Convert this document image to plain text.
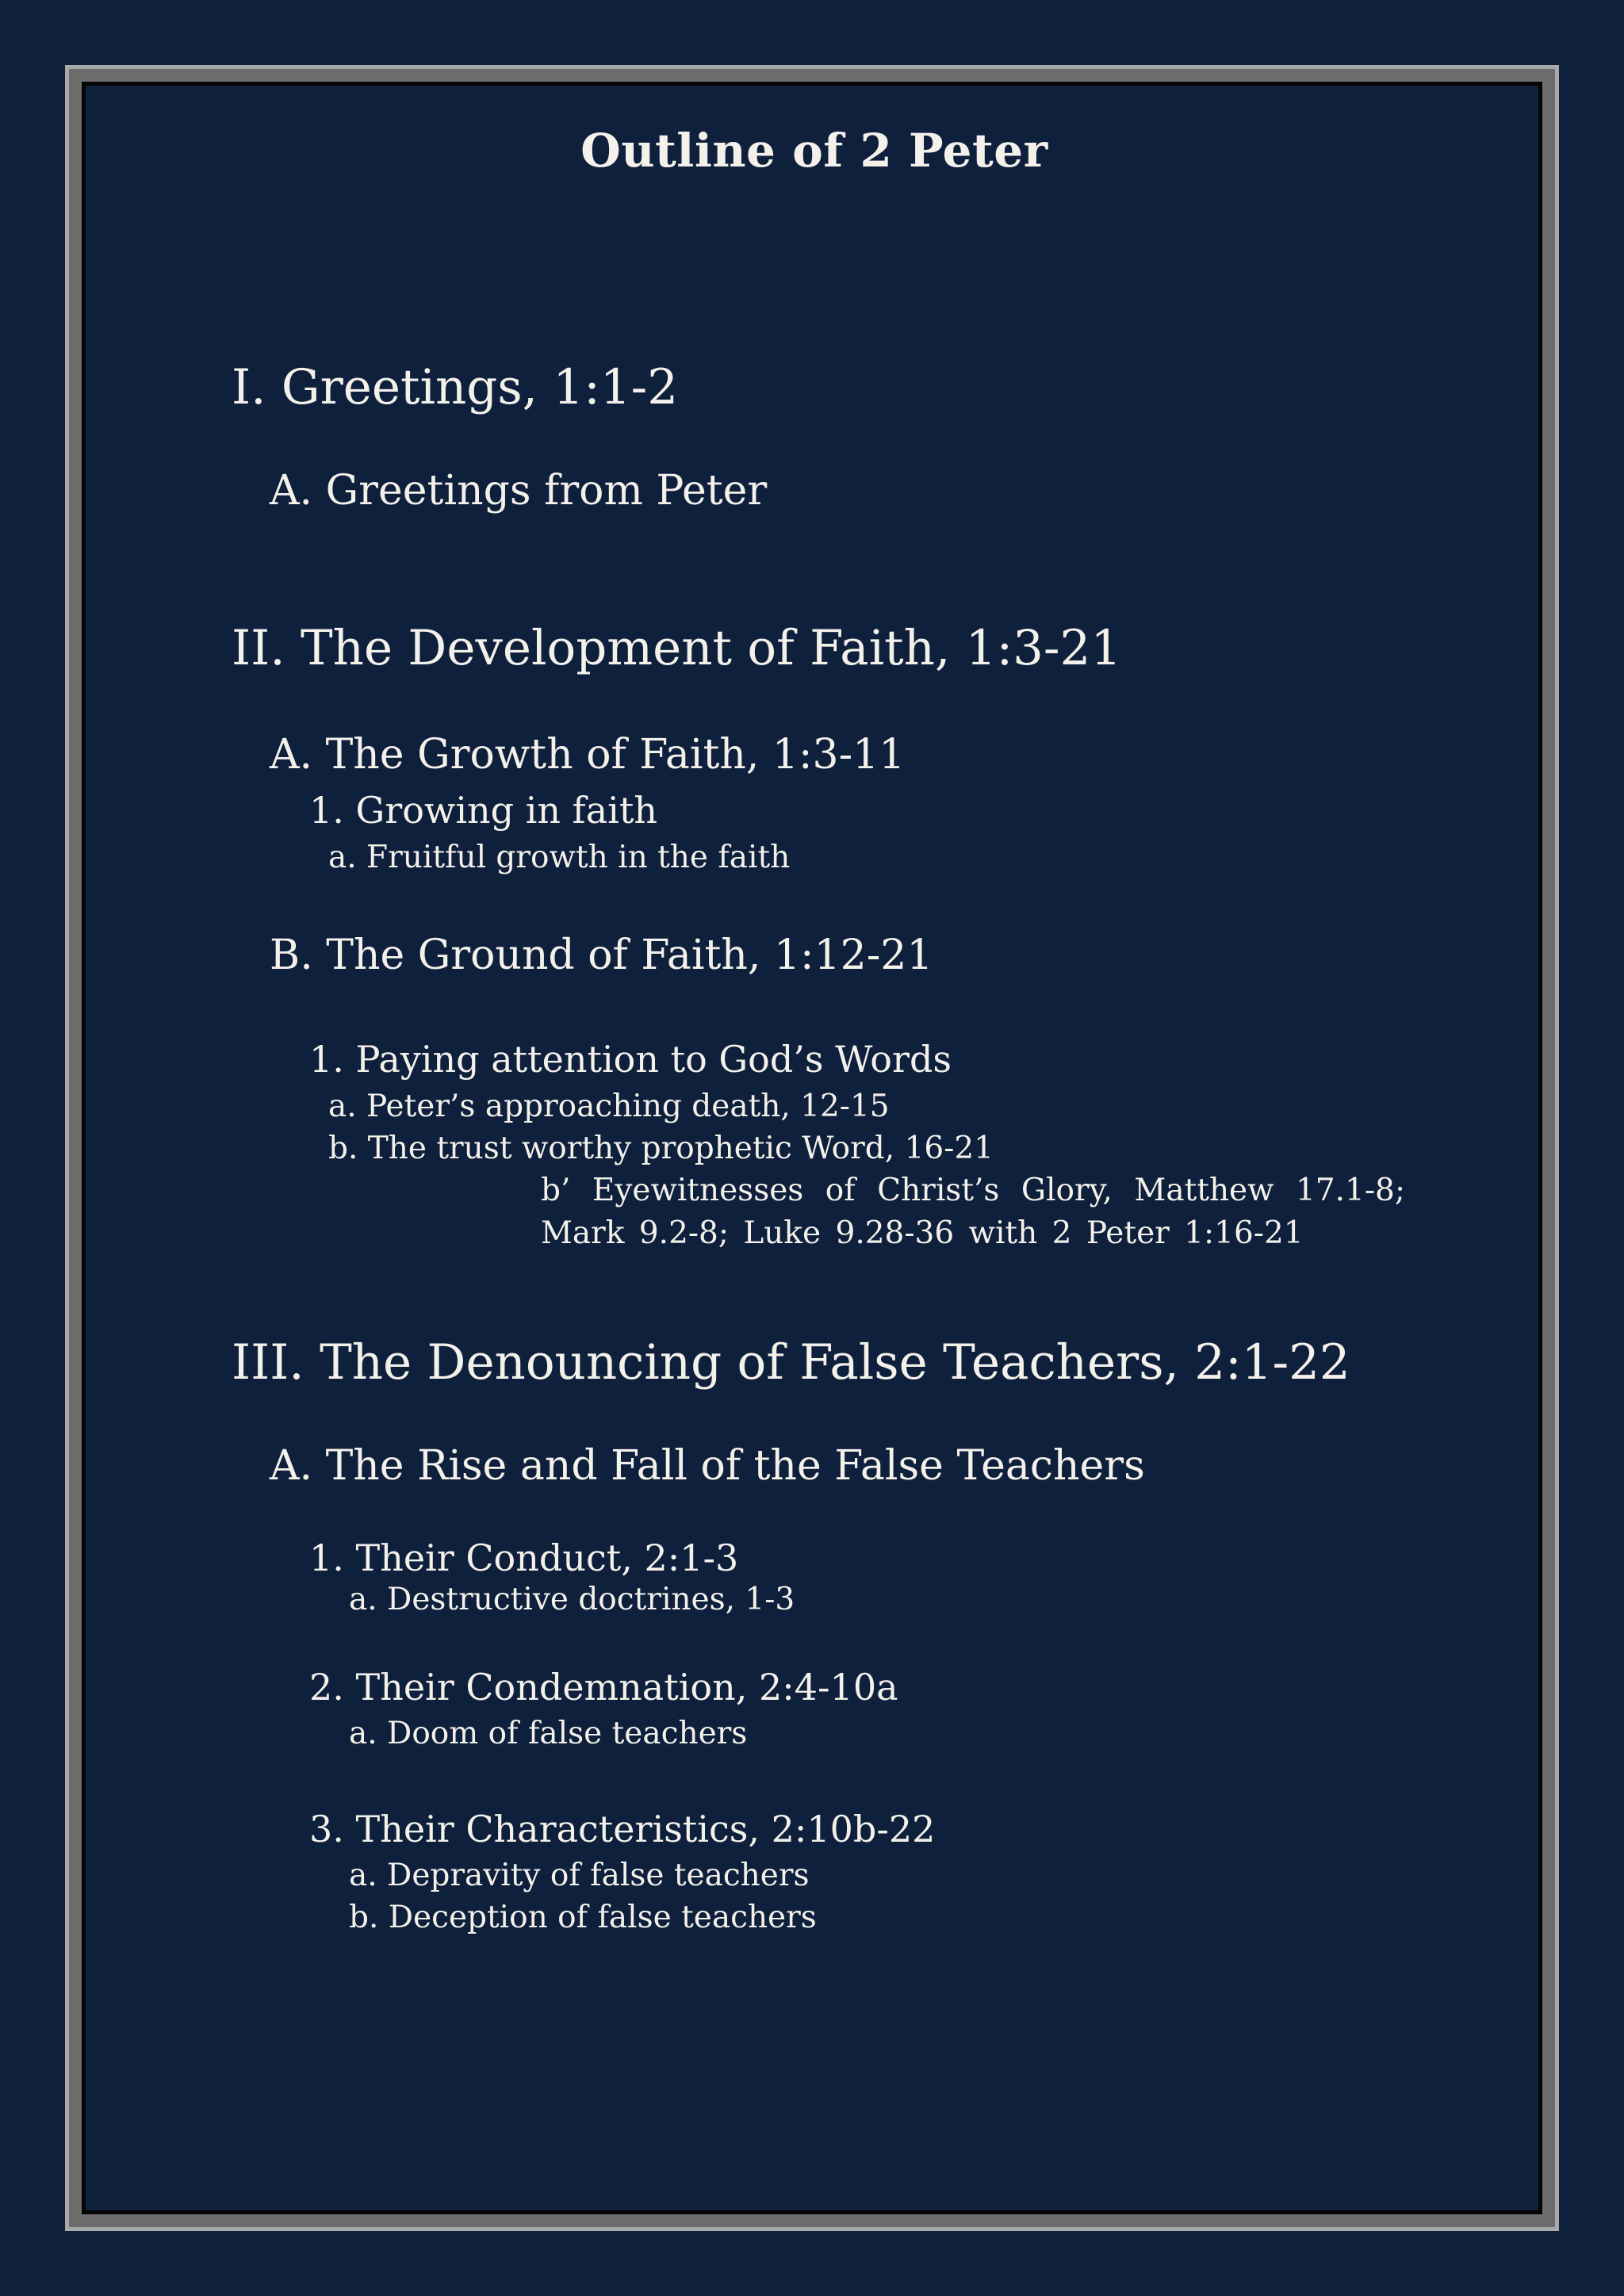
Outline of 2 Peter
I. Greetings, 1:1-2
A. Greetings from Peter
II. The Development of Faith, 1:3-21
A. The Growth of Faith, 1:3-11
1. Growing in faith
a. Fruitful growth in the faith
B. The Ground of Faith, 1:12-21
1. Paying attention to God’s Words
a. Peter’s approaching death, 12-15
b. The trust worthy prophetic Word, 16-21
b’ Eyewitnesses of Christ’s Glory, Matthew 17.1-8; Mark 9.2-8; Luke 9.28-36 with 2 Peter 1:16-21
III. The Denouncing of False Teachers, 2:1-22
A. The Rise and Fall of the False Teachers
1. Their Conduct, 2:1-3
a. Destructive doctrines, 1-3
2. Their Condemnation, 2:4-10a
a. Doom of false teachers
3. Their Characteristics, 2:10b-22
a. Depravity of false teachers
b. Deception of false teachers
